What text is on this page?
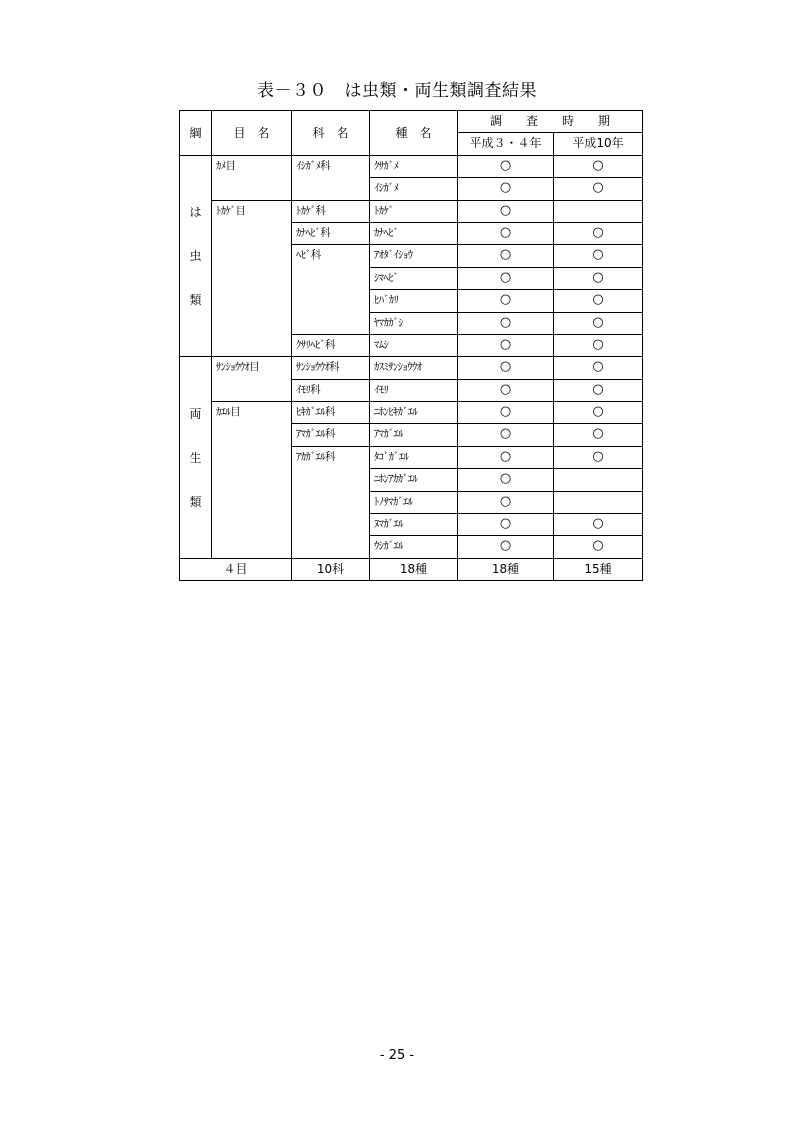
表－３０　は虫類・両生類調査結果
綱	目　名	科　名	種　名	調　　査　　時　　期	
				平成３・４年	平成10年

は
虫
類	ｶﾒ目	ｲｼｶﾞﾒ科	ｸｻｶﾞﾒ	○	○
			ｲｼｶﾞﾒ	○	○
	ﾄｶｹﾞ目	ﾄｶｹﾞ科	ﾄｶｹﾞ	○	
		ｶﾅﾍﾋﾞ科	ｶﾅﾍﾋﾞ	○	○
		ﾍﾋﾞ科	ｱｵﾀﾞｲｼｮｳ	○	○
			ｼﾏﾍﾋﾞ	○	○
			ﾋﾊﾞｶﾘ	○	○
			ﾔﾏｶｶﾞｼ	○	○
		ｸｻﾘﾍﾋﾞ科	ﾏﾑｼ	○	○

両
生
類	ｻﾝｼｮｳｳｵ目	ｻﾝｼｮｳｳｵ科	ｶｽﾐｻﾝｼｮｳｳｵ	○	○
		ｲﾓﾘ科	ｲﾓﾘ	○	○
	ｶｴﾙ目	ﾋｷｶﾞｴﾙ科	ﾆﾎﾝﾋｷｶﾞｴﾙ	○	○
		ｱﾏｶﾞｴﾙ科	ｱﾏｶﾞｴﾙ	○	○
		ｱｶｶﾞｴﾙ科	ﾀｺﾞｶﾞｴﾙ	○	○
			ﾆﾎﾝｱｶｶﾞｴﾙ	○	
			ﾄﾉｻﾏｶﾞｴﾙ	○	
			ﾇﾏｶﾞｴﾙ	○	○
			ｳｼｶﾞｴﾙ	○	○
４目		10科	18種	18種	15種
- 25 -
